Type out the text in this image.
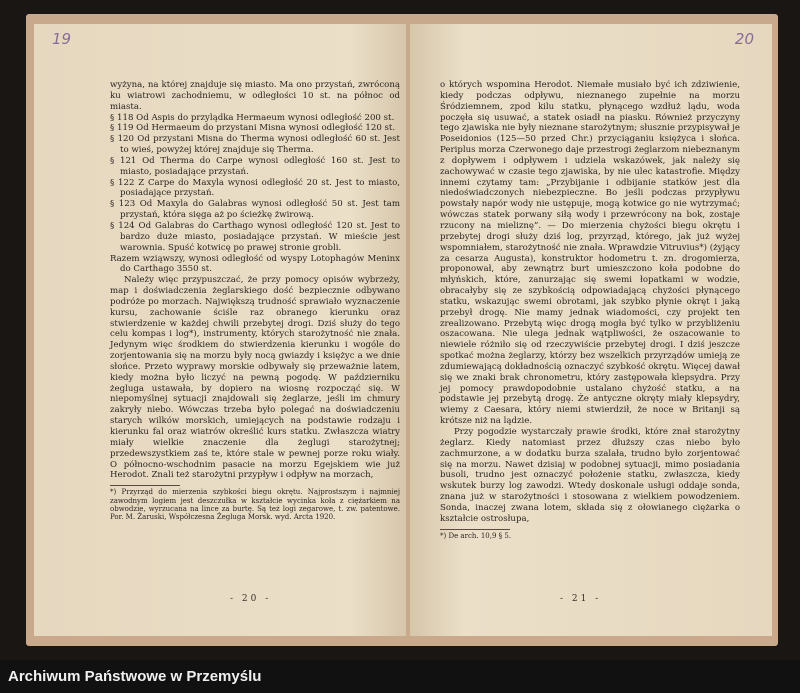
19

wyżyna, na której znajduje się miasto. Ma ono przystań, zwróconą ku wiatrowi zachodniemu, w odległości 10 st. na północ od miasta.

§ 118 Od Aspis do przylądka Hermaeum wynosi odległość 200 st.

§ 119 Od Hermaeum do przystani Misna wynosi odległość 120 st.

§ 120 Od przystani Misna do Therma wynosi odległość 60 st. Jest to wieś, powyżej której znajduje się Therma.

§ 121 Od Therma do Carpe wynosi odległość 160 st. Jest to miasto, posiadające przystań.

§ 122 Z Carpe do Maxyla wynosi odległość 20 st. Jest to miasto, posiadające przystań.

§ 123 Od Maxyla do Galabras wynosi odległość 50 st. Jest tam przystań, która sięga aż po ścieżkę żwirową.

§ 124 Od Galabras do Carthago wynosi odległość 120 st. Jest to bardzo duże miasto, posiadające przystań. W mieście jest warownia. Spuść kotwicę po prawej stronie grobli.

Razem wziąwszy, wynosi odległość od wyspy Lotophagów Meninx do Carthago 3550 st.

Należy więc przypuszczać, że przy pomocy opisów wybrzeży, map i doświadczenia żeglarskiego dość bezpiecznie odbywano podróże po morzach. Największą trudność sprawiało wyznaczenie kursu, zachowanie ściśle raz obranego kierunku oraz stwierdzenie w każdej chwili przebytej drogi. Dziś służy do tego celu kompas i log*), instrumenty, których starożytność nie znała. Jedynym więc środkiem do stwierdzenia kierunku i wogóle do zorjentowania się na morzu były nocą gwiazdy i księżyc a we dnie słońce. Przeto wyprawy morskie odbywały się przeważnie latem, kiedy można było liczyć na pewną pogodę. W październiku żegluga ustawała, by dopiero na wiosnę rozpocząć się. W niepomyślnej sytuacji znajdowali się żeglarze, jeśli im chmury zakryły niebo. Wówczas trzeba było polegać na doświadczeniu starych wilków morskich, umiejących na podstawie rodzaju i kierunku fal oraz wiatrów określić kurs statku. Zwłaszcza wiatry miały wielkie znaczenie dla żeglugi starożytnej; przedewszystkiem zaś te, które stale w pewnej porze roku wiały. O północno-wschodnim pasacie na morzu Egejskiem wie już Herodot. Znali też starożytni przypływ i odpływ na morzach,

*) Przyrząd do mierzenia szybkości biegu okrętu. Najprostszym i najmniej zawodnym logiem jest deszczułka w kształcie wycinka koła z ciężarkiem na obwodzie, wyrzucana na lince za burtę. Są też logi zegarowe, t. zw. patentowe. Por. M. Żaruski, Współczesna Żegluga Morsk. wyd. Arcta 1920.

- 20 -
20

o których wspomina Herodot. Niemałe musiało być ich zdziwienie, kiedy podczas odpływu, nieznanego zupełnie na morzu Śródziemnem, zpod kilu statku, płynącego wzdłuż lądu, woda poczęła się usuwać, a statek osiadł na piasku. Również przyczyny tego zjawiska nie były nieznane starożytnym; słusznie przypisywał je Poseidonios (125—50 przed Chr.) przyciąganiu księżyca i słońca. Periplus morza Czerwonego daje przestrogi żeglarzom niebeznanym z dopływem i odpływem i udziela wskazówek, jak należy się zachowywać w czasie tego zjawiska, by nie ulec katastrofie. Między innemi czytamy tam: „Przybijanie i odbijanie statków jest dla niedoświadczonych niebezpieczne. Bo jeśli podczas przypływu powstały napór wody nie ustępuje, mogą kotwice go nie wytrzymać; wówczas statek porwany siłą wody i przewrócony na bok, zostaje rzucony na mieliznę”. — Do mierzenia chyżości biegu okrętu i przebytej drogi służy dziś log, przyrząd, którego, jak już wyżej wspomniałem, starożytność nie znała. Wprawdzie Vitruvius*) (żyjący za cesarza Augusta), konstruktor hodometru t. zn. drogomierza, proponował, aby zewnątrz burt umieszczono koła podobne do młyńskich, które, zanurzając się swemi łopatkami w wodzie, obracałyby się ze szybkością odpowiadającą chyżości płynącego statku, wskazując swemi obrotami, jak szybko płynie okręt i jaką przebył drogę. Nie mamy jednak wiadomości, czy projekt ten zrealizowano. Przebytą więc drogą mogła być tylko w przybliżeniu oszacowana. Nie ulega jednak wątpliwości, że oszacowanie to niewiele różniło się od rzeczywiście przebytej drogi. I dziś jeszcze spotkać można żeglarzy, którzy bez wszelkich przyrządów umieją ze zdumiewającą dokładnością oznaczyć szybkość okrętu. Więcej dawał się we znaki brak chronometru, który zastępowała klepsydra. Przy jej pomocy prawdopodobnie ustalano chyżość statku, a na podstawie jej przebytą drogę. Że antyczne okręty miały klepsydry, wiemy z Caesara, który niemi stwierdził, że noce w Britanji są krótsze niż na lądzie.

Przy pogodzie wystarczały prawie środki, które znał starożytny żeglarz. Kiedy natomiast przez dłuższy czas niebo było zachmurzone, a w dodatku burza szalała, trudno było zorjentować się na morzu. Nawet dzisiaj w podobnej sytuacji, mimo posiadania busoli, trudno jest oznaczyć położenie statku, zwłaszcza, kiedy wskutek burzy log zawodzi. Wtedy doskonale usługi oddaje sonda, znana już w starożytności i stosowana z wielkiem powodzeniem. Sonda, inaczej zwana lotem, składa się z ołowianego ciężarka o kształcie ostrosłupa,

*) De arch. 10,9 § 5.

- 21 -
Archiwum Państwowe w Przemyślu
